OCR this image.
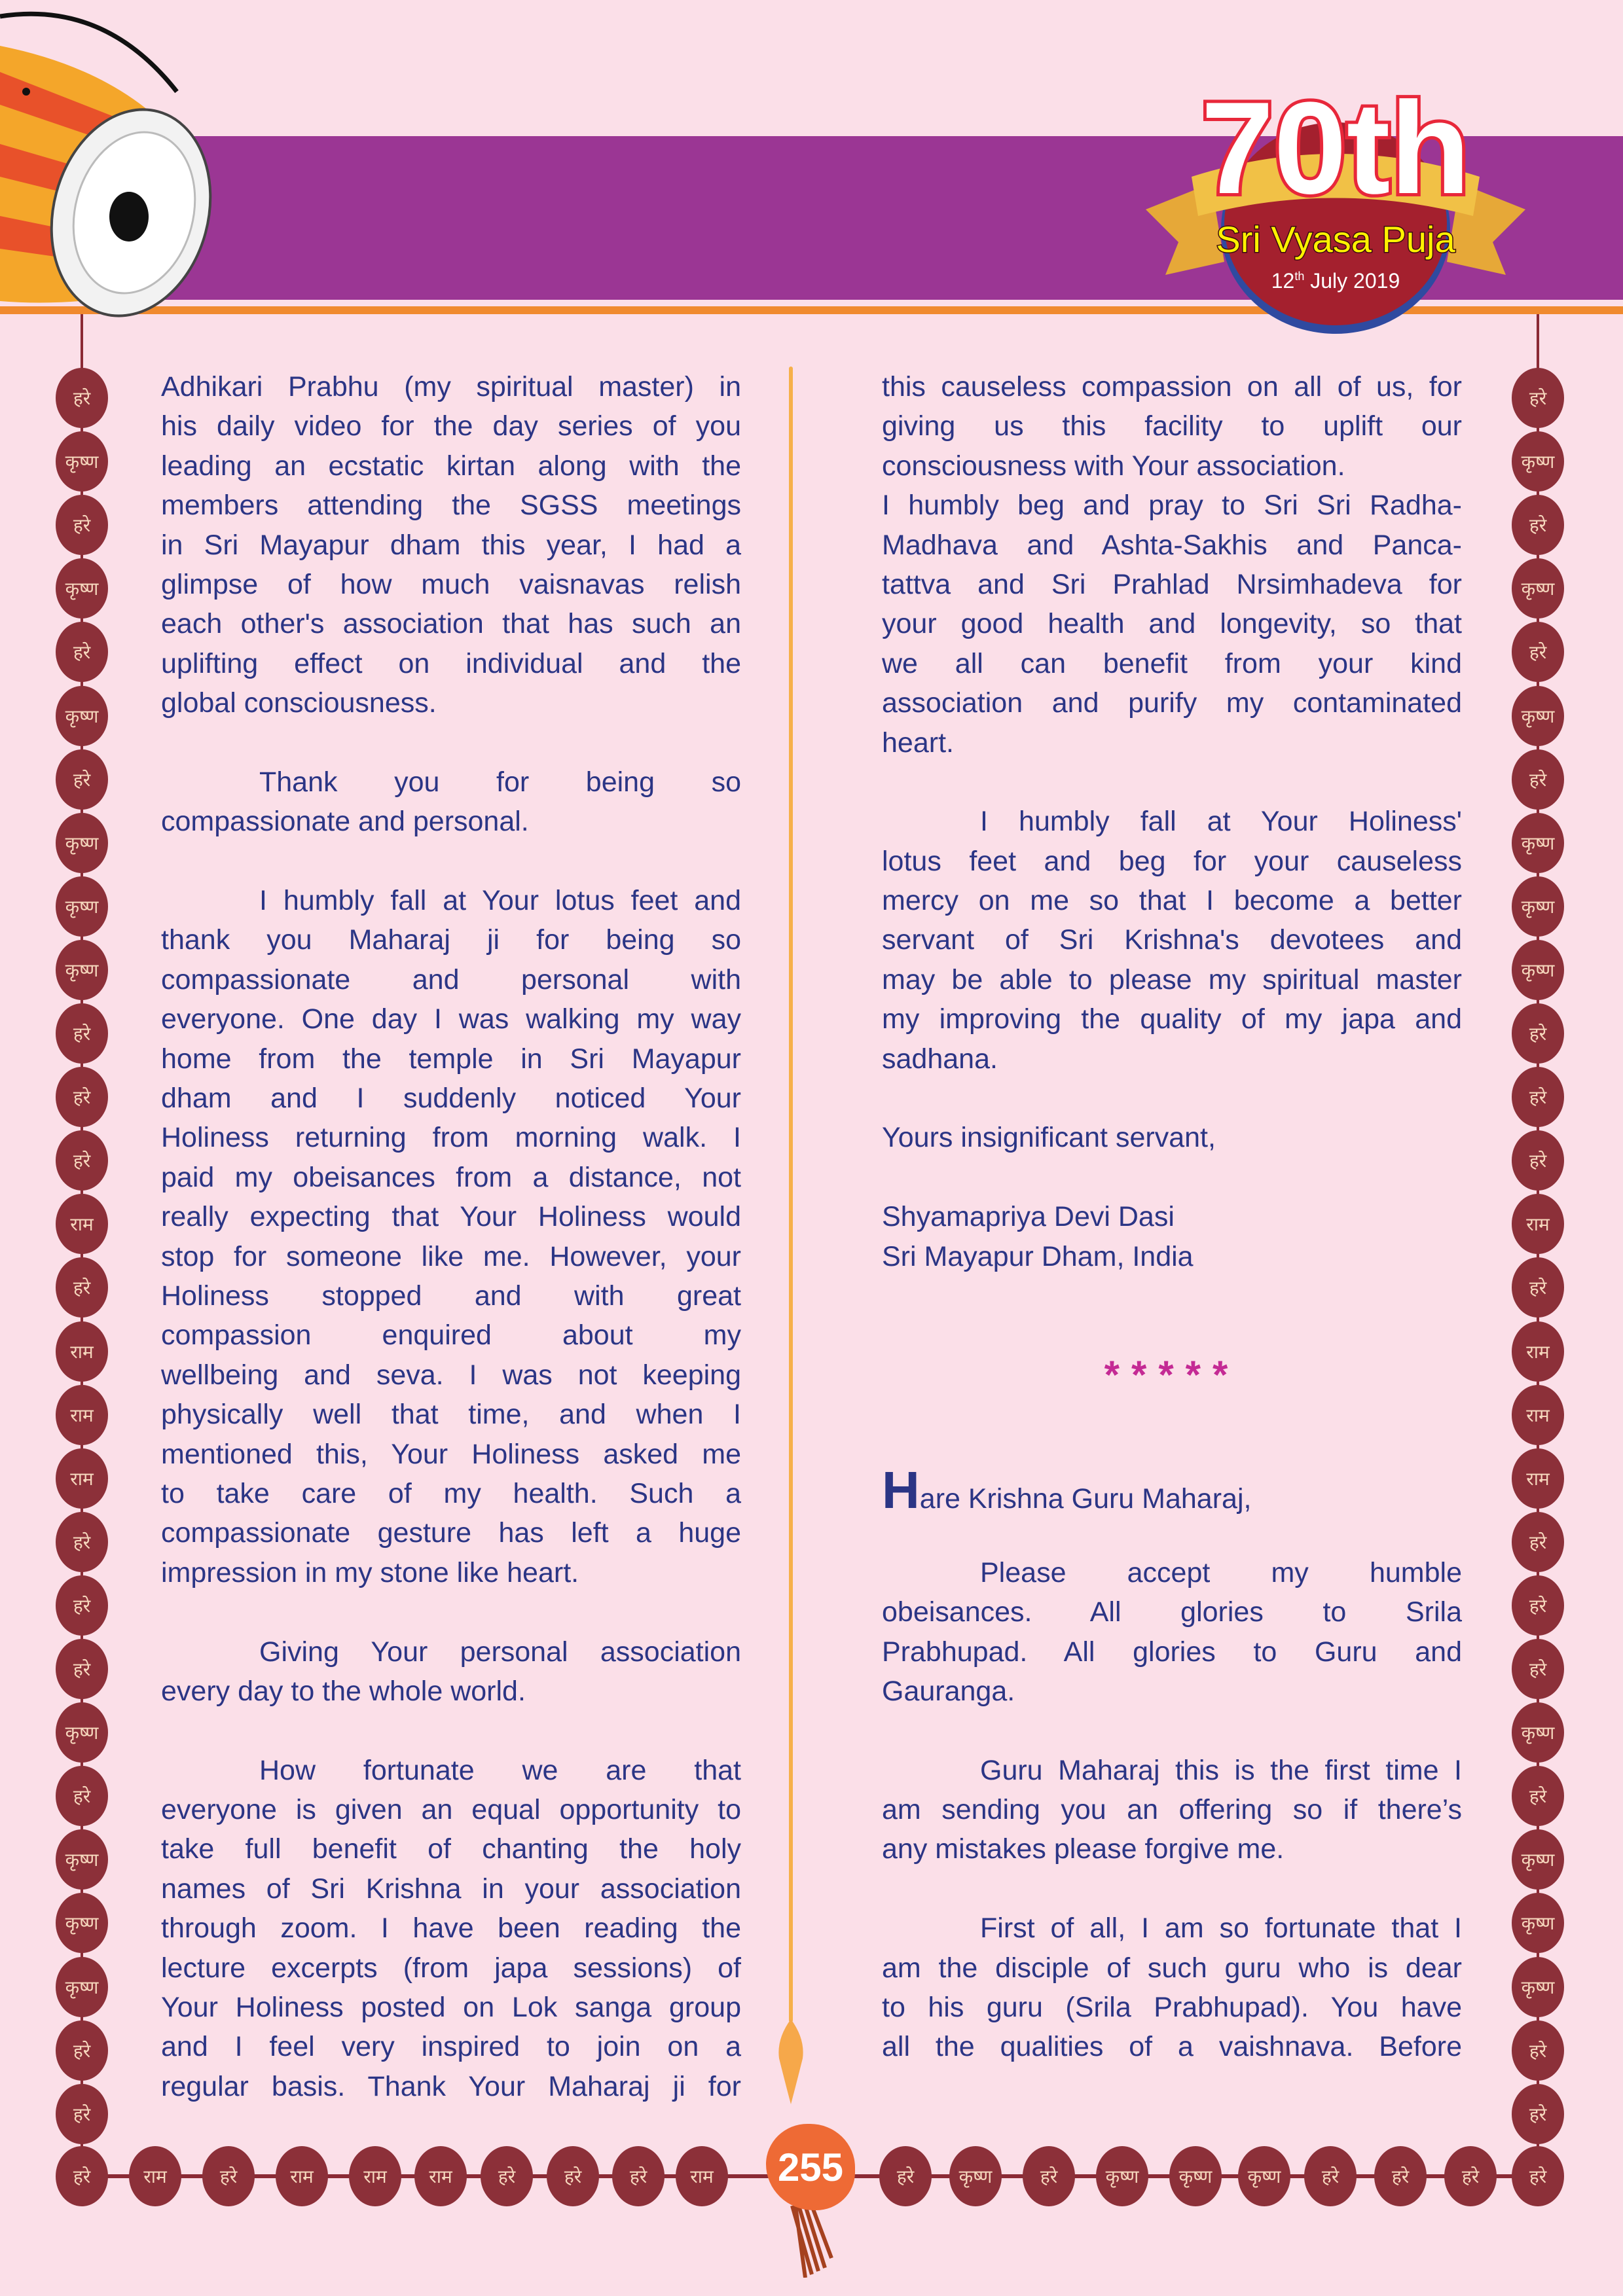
70th
Sri Vyasa Puja
12th July 2019
हरे	हरे
कृष्ण	कृष्ण
हरे	हरे
कृष्ण	कृष्ण
हरे	हरे
कृष्ण	कृष्ण
हरे	हरे
कृष्ण	कृष्ण
कृष्ण	कृष्ण
कृष्ण	कृष्ण
हरे	हरे
हरे	हरे
हरे	हरे
राम	राम
हरे	हरे
राम	राम
राम	राम
राम	राम
हरे	हरे
हरे	हरे
हरे	हरे
कृष्ण	कृष्ण
हरे	हरे
कृष्ण	कृष्ण
कृष्ण	कृष्ण
कृष्ण	कृष्ण
हरे	हरे
हरे	हरे
हरे	राम	हरे	राम	राम	राम	हरे	हरे	हरे	राम	हरे	कृष्ण	हरे	कृष्ण	कृष्ण	कृष्ण	हरे	हरे	हरे	हरे
Adhikari Prabhu (my spiritual master) in
his daily video for the day series of you
leading an ecstatic kirtan along with the
members attending the SGSS meetings
in Sri Mayapur dham this year, I had a
glimpse of how much vaisnavas relish
each other's association that has such an
uplifting effect on individual and the
global consciousness.
Thank you for being so
compassionate and personal.
I humbly fall at Your lotus feet and
thank you Maharaj ji for being so
compassionate and personal with
everyone. One day I was walking my way
home from the temple in Sri Mayapur
dham and I suddenly noticed Your
Holiness returning from morning walk. I
paid my obeisances from a distance, not
really expecting that Your Holiness would
stop for someone like me. However, your
Holiness stopped and with great
compassion enquired about my
wellbeing and seva. I was not keeping
physically well that time, and when I
mentioned this, Your Holiness asked me
to take care of my health. Such a
compassionate gesture has left a huge
impression in my stone like heart.
Giving Your personal association
every day to the whole world.
How fortunate we are that
everyone is given an equal opportunity to
take full benefit of chanting the holy
names of Sri Krishna in your association
through zoom. I have been reading the
lecture excerpts (from japa sessions) of
Your Holiness posted on Lok sanga group
and I feel very inspired to join on a
regular basis. Thank Your Maharaj ji for
this causeless compassion on all of us, for
giving us this facility to uplift our
consciousness with Your association.
I humbly beg and pray to Sri Sri Radha-
Madhava and Ashta-Sakhis and Panca-
tattva and Sri Prahlad Nrsimhadeva for
your good health and longevity, so that
we all can benefit from your kind
association and purify my contaminated
heart.
I humbly fall at Your Holiness'
lotus feet and beg for your causeless
mercy on me so that I become a better
servant of Sri Krishna's devotees and
may be able to please my spiritual master
my improving the quality of my japa and
sadhana.
Yours insignificant servant,
Shyamapriya Devi Dasi
Sri Mayapur Dham, India
*****
Hare Krishna Guru Maharaj,
Please accept my humble
obeisances. All glories to Srila
Prabhupad. All glories to Guru and
Gauranga.
Guru Maharaj this is the first time I
am sending you an offering so if there’s
any mistakes please forgive me.
First of all, I am so fortunate that I
am the disciple of such guru who is dear
to his guru (Srila Prabhupad). You have
all the qualities of a vaishnava. Before
255
